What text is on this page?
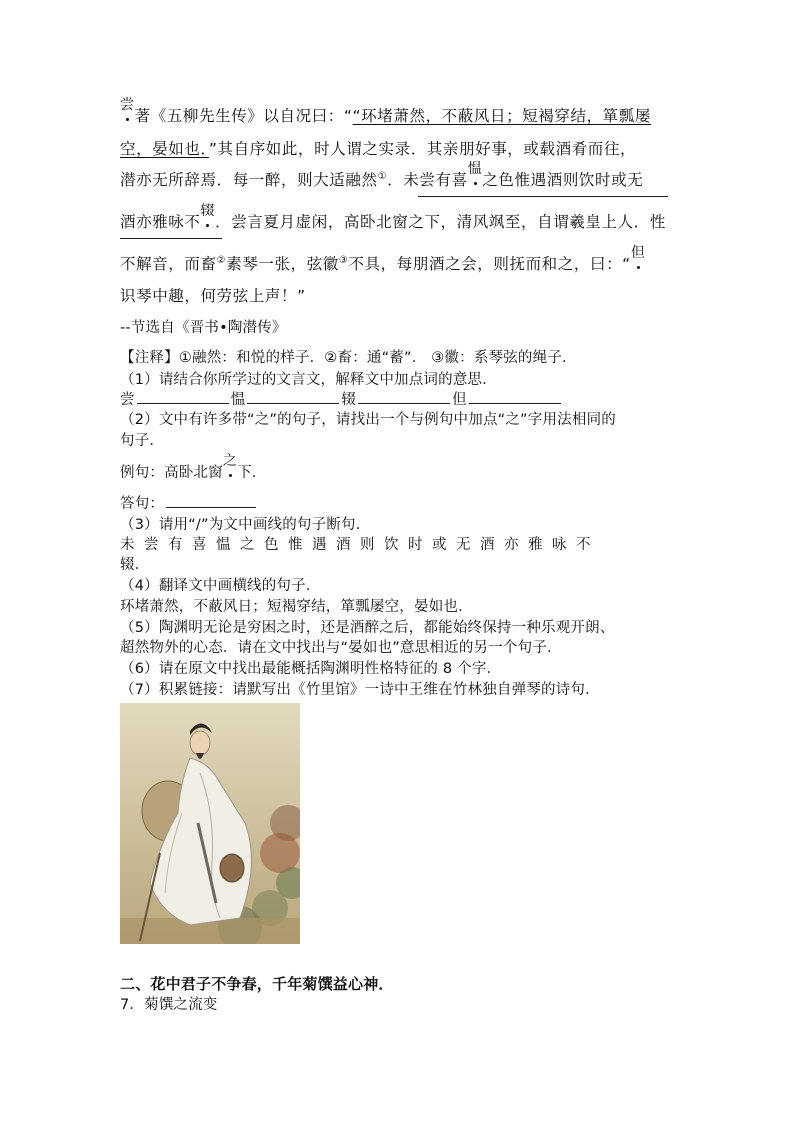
尝著《五柳先生传》以自况曰：““环堵萧然，不蔽风日；短褐穿结，箪瓢屡
空，晏如也．”其自序如此，时人谓之实录．其亲朋好事，或载酒肴而往，
潜亦无所辞焉．每一醉，则大适融然①．未尝有喜愠之色惟遇酒则饮时或无
酒亦雅咏不辍．尝言夏月虚闲，高卧北窗之下，清风飒至，自谓羲皇上人．性
不解音，而畜②素琴一张，弦徽③不具，每朋酒之会，则抚而和之，曰：“但
识琴中趣，何劳弦上声！”
--节选自《晋书•陶潜传》
【注释】①融然：和悦的样子．②畜：通“蓄”． ③徽：系琴弦的绳子．
（1）请结合你所学过的文言文，解释文中加点词的意思．
尝	愠	辍	但
（2）文中有许多带“之”的句子，请找出一个与例句中加点“之”字用法相同的
句子．
例句：高卧北窗之下．
答句：
（3）请用“/”为文中画线的句子断句．
未尝有喜愠之色惟遇酒则饮时或无酒亦雅咏不
辍．
（4）翻译文中画横线的句子．
环堵萧然，不蔽风日；短褐穿结，箪瓢屡空，晏如也．
（5）陶渊明无论是穷困之时，还是酒醉之后，都能始终保持一种乐观开朗、
超然物外的心态．请在文中找出与“晏如也”意思相近的另一个句子．
（6）请在原文中找出最能概括陶渊明性格特征的 8 个字．
（7）积累链接：请默写出《竹里馆》一诗中王维在竹林独自弹琴的诗句．
二、花中君子不争春，千年菊馔益心神．
7．菊馔之流变
